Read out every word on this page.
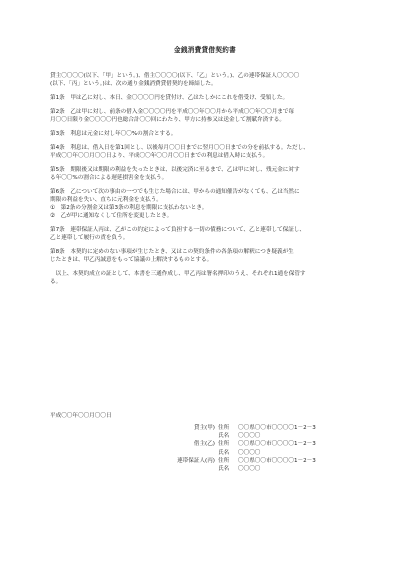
金銭消費貸借契約書

貸主〇〇〇〇(以下、「甲」という。)、借主〇〇〇〇(以下、「乙」という。)、乙の連帯保証人〇〇〇〇
(以下、「丙」という。)は、次の通り金銭消費貸借契約を締結した。

第1条　甲は乙に対し、本日、金〇〇〇〇円を貸付け、乙はたしかにこれを借受け、受領した。

第2条　乙は甲に対し、前条の借入金〇〇〇〇円を平成〇〇年〇〇月から平成〇〇年〇〇月まで毎
月〇〇日限り金〇〇〇〇円也総合計〇〇回にわたり、甲方に持参又は送金して割賦弁済する。

第3条　利息は元金に対し年〇〇%の割合とする。

第4条　利息は、借入日を第1回とし、以後毎月〇〇日までに翌月〇〇日までの分を前払する。ただし、
平成〇〇年〇〇月〇〇日より、平成〇〇年〇〇月〇〇日までの利息は借入時に支払う。

第5条　期限後又は期限の利益を失ったときは、以後完済に至るまで、乙は甲に対し、残元金に対す
る年〇〇%の割合による遅延損害金を支払う。

第6条　乙について次の事由の一つでも生じた場合には、甲からの通知催告がなくても、乙は当然に
期限の利益を失い、直ちに元利金を支払う。
①　第2条の分割金又は第3条の利息を期限に支払わないとき。
②　乙が甲に通知なくして住所を変更したとき。

第7条　連帯保証人丙は、乙がこの約定によって負担する一切の債務について、乙と連帯して保証し、
乙と連帯して履行の責を負う。

第8条　本契約に定めのない事項が生じたとき、又はこの契約条件の各条項の解釈につき疑義が生
じたときは、甲乙丙誠意をもって協議の上解決するものとする。

　以上、本契約成立の証として、本書を三通作成し、甲乙丙は署名押印のうえ、それぞれ1通を保管す
る。

平成〇〇年〇〇月〇〇日
貸主(甲) 住所 〇〇県〇〇市〇〇〇〇1－2－3
氏名 〇〇〇〇
借主(乙) 住所 〇〇県〇〇市〇〇〇〇1－2－3
氏名 〇〇〇〇
連帯保証人(丙) 住所 〇〇県〇〇市〇〇〇〇1－2－3
氏名 〇〇〇〇
